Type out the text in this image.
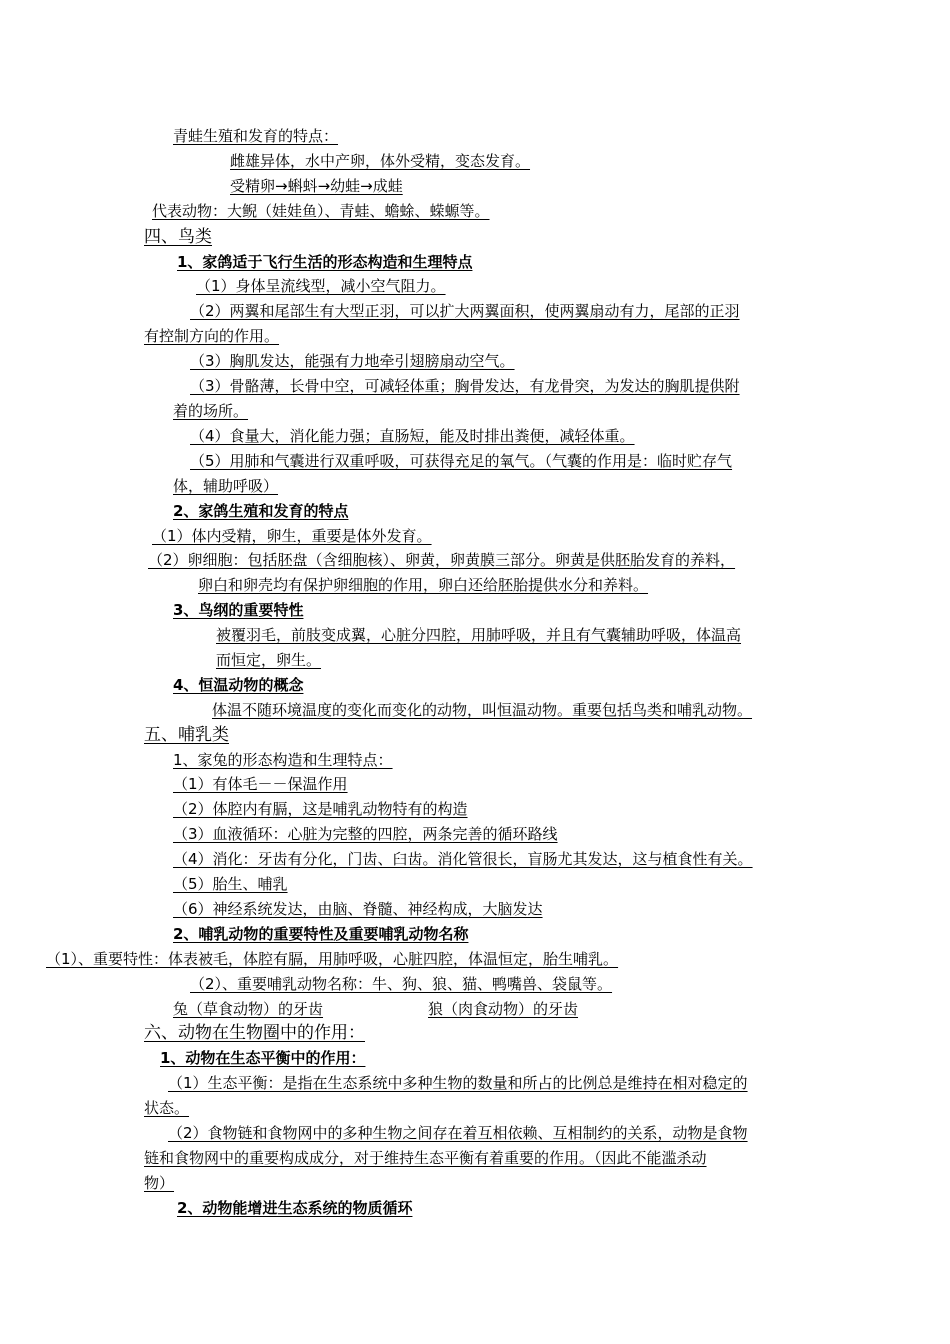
青蛙生殖和发育的特点：
雌雄异体，水中产卵，体外受精，变态发育。
受精卵→蝌蚪→幼蛙→成蛙
代表动物：大鲵（娃娃鱼）、青蛙、蟾蜍、蝾螈等。
四、鸟类
1、家鸽适于飞行生活的形态构造和生理特点
（1）身体呈流线型，减小空气阻力。
（2）两翼和尾部生有大型正羽，可以扩大两翼面积，使两翼扇动有力，尾部的正羽
有控制方向的作用。
（3）胸肌发达，能强有力地牵引翅膀扇动空气。
（3）骨骼薄，长骨中空，可减轻体重；胸骨发达，有龙骨突，为发达的胸肌提供附
着的场所。
（4）食量大，消化能力强；直肠短，能及时排出粪便，减轻体重。
（5）用肺和气囊进行双重呼吸，可获得充足的氧气。（气囊的作用是：临时贮存气
体，辅助呼吸）
2、家鸽生殖和发育的特点
（1）体内受精，卵生，重要是体外发育。
（2）卵细胞：包括胚盘（含细胞核）、卵黄，卵黄膜三部分。卵黄是供胚胎发育的养料，
卵白和卵壳均有保护卵细胞的作用，卵白还给胚胎提供水分和养料。
3、鸟纲的重要特性
被覆羽毛，前肢变成翼，心脏分四腔，用肺呼吸，并且有气囊辅助呼吸，体温高
而恒定，卵生。
4、恒温动物的概念
体温不随环境温度的变化而变化的动物，叫恒温动物。重要包括鸟类和哺乳动物。
五、哺乳类
1、家兔的形态构造和生理特点：
（1）有体毛－－保温作用
（2）体腔内有膈，这是哺乳动物特有的构造
（3）血液循环：心脏为完整的四腔，两条完善的循环路线
（4）消化：牙齿有分化，门齿、臼齿。消化管很长，盲肠尤其发达，这与植食性有关。
（5）胎生、哺乳
（6）神经系统发达，由脑、脊髓、神经构成，大脑发达
2、哺乳动物的重要特性及重要哺乳动物名称
（1）、重要特性：体表被毛，体腔有膈，用肺呼吸，心脏四腔，体温恒定，胎生哺乳。
（2）、重要哺乳动物名称：牛、狗、狼、猫、鸭嘴兽、袋鼠等。
兔（草食动物）的牙齿	狼（肉食动物）的牙齿
六、动物在生物圈中的作用：
1、动物在生态平衡中的作用：
（1）生态平衡：是指在生态系统中多种生物的数量和所占的比例总是维持在相对稳定的
状态。
（2）食物链和食物网中的多种生物之间存在着互相依赖、互相制约的关系，动物是食物
链和食物网中的重要构成成分，对于维持生态平衡有着重要的作用。（因此不能滥杀动
物）
2、动物能增进生态系统的物质循环
